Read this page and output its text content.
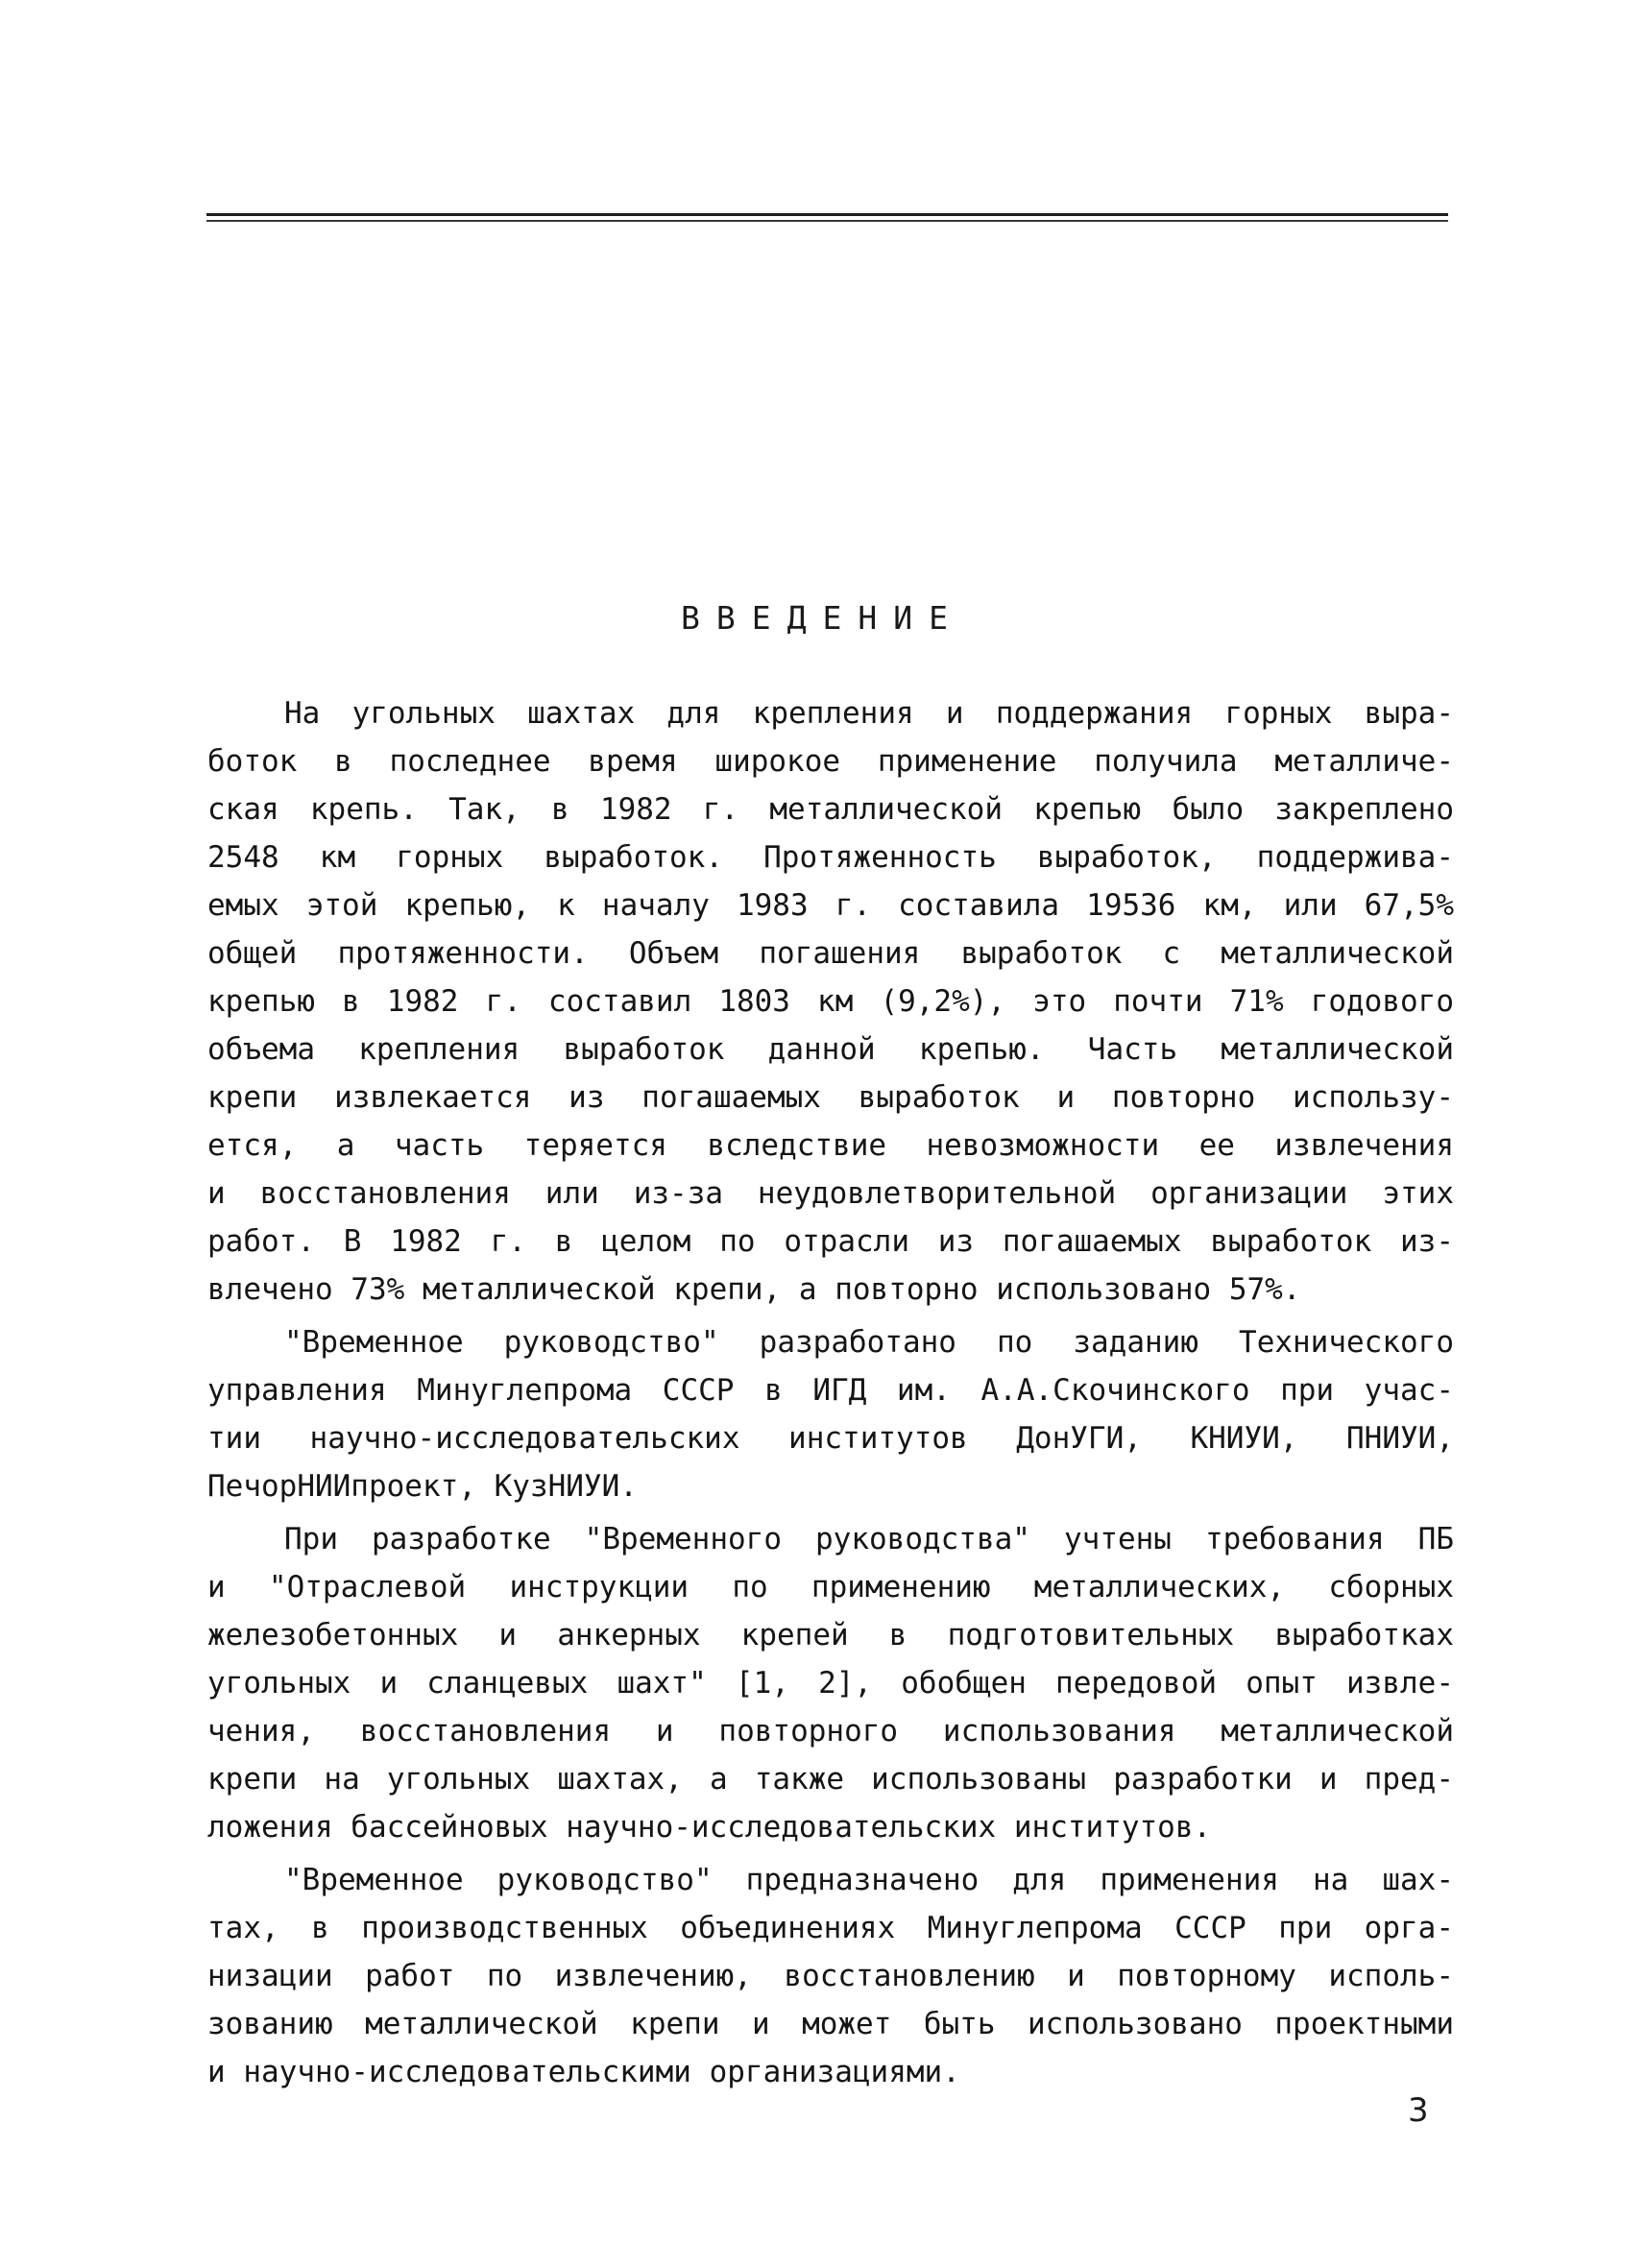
ВВЕДЕНИЕ
На угольных шахтах для крепления и поддержания горных выра-
боток в последнее время широкое применение получила металличе-
ская крепь. Так, в 1982 г. металлической крепью было закреплено
2548 км горных выработок. Протяженность выработок, поддержива-
емых этой крепью, к началу 1983 г. составила 19536 км, или 67,5%
общей протяженности. Объем погашения выработок с металлической
крепью в 1982 г. составил 1803 км (9,2%), это почти 71% годового
объема крепления выработок данной крепью. Часть металлической
крепи извлекается из погашаемых выработок и повторно использу-
ется, а часть теряется вследствие невозможности ее извлечения
и восстановления или из-за неудовлетворительной организации этих
работ. В 1982 г. в целом по отрасли из погашаемых выработок из-
влечено 73% металлической крепи, а повторно использовано 57%.
"Временное руководство" разработано по заданию Технического
управления Минуглепрома СССР в ИГД им. А.А.Скочинского при учас-
тии научно-исследовательских институтов ДонУГИ, КНИУИ, ПНИУИ,
ПечорНИИпроект, КузНИУИ.
При разработке "Временного руководства" учтены требования ПБ
и "Отраслевой инструкции по применению металлических, сборных
железобетонных и анкерных крепей в подготовительных выработках
угольных и сланцевых шахт" [1, 2], обобщен передовой опыт извле-
чения, восстановления и повторного использования металлической
крепи на угольных шахтах, а также использованы разработки и пред-
ложения бассейновых научно-исследовательских институтов.
"Временное руководство" предназначено для применения на шах-
тах, в производственных объединениях Минуглепрома СССР при орга-
низации работ по извлечению, восстановлению и повторному исполь-
зованию металлической крепи и может быть использовано проектными
и научно-исследовательскими организациями.
3
